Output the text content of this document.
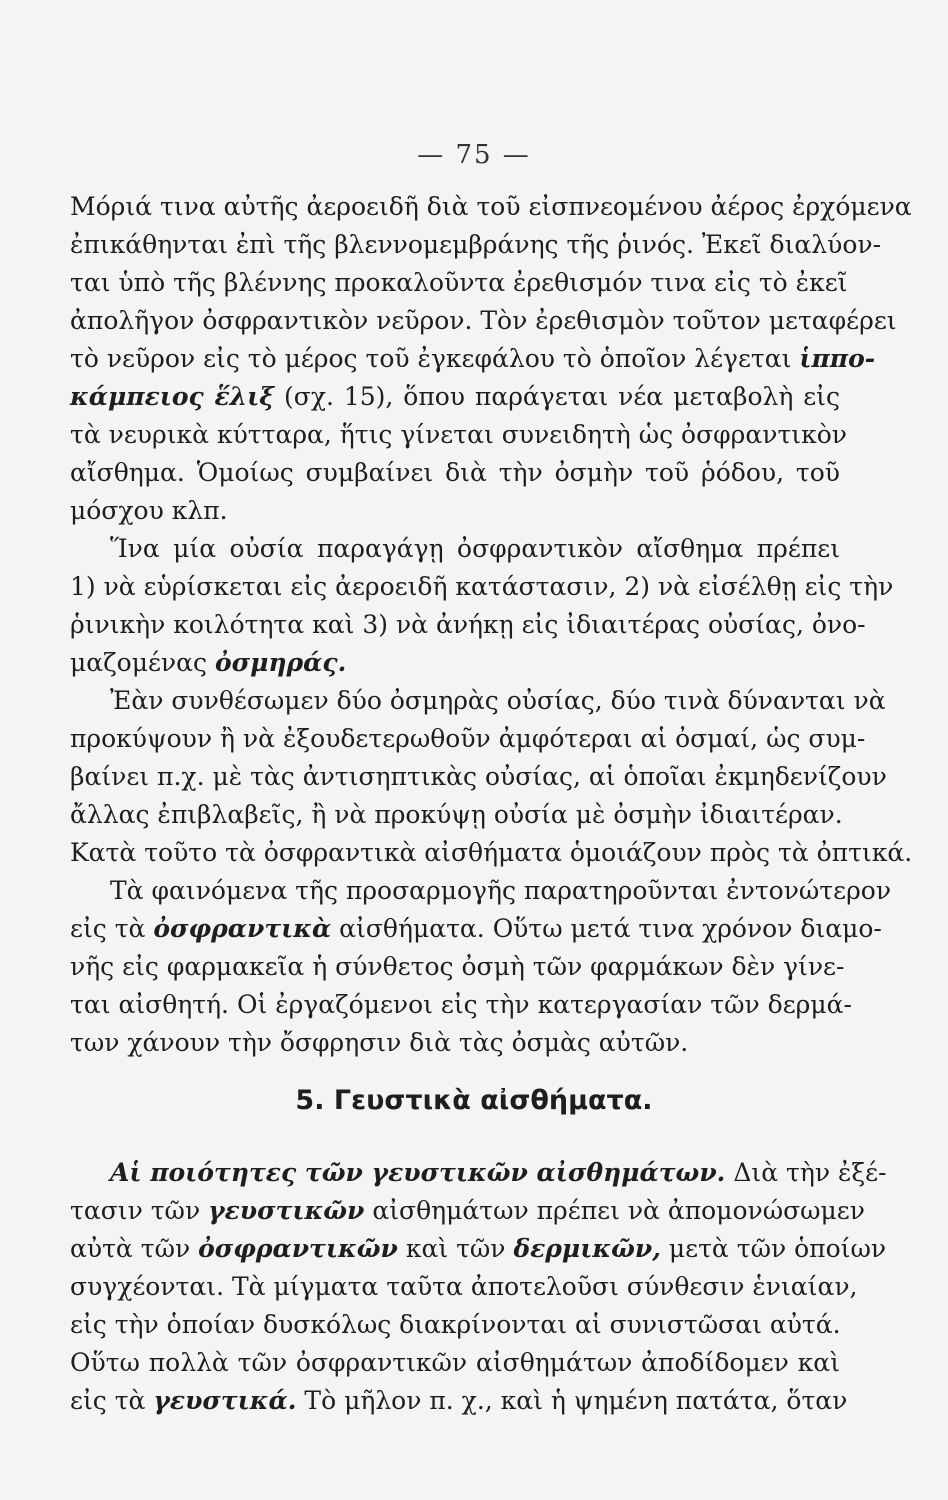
— 75 —
Μόριά τινα αὐτῆς ἀεροειδῆ διὰ τοῦ εἰσπνεομένου ἀέρος ἐρχόμενα
ἐπικάθηνται ἐπὶ τῆς βλεννομεμβράνης τῆς ῥινός. Ἐκεῖ διαλύον-
ται ὑπὸ τῆς βλέννης προκαλοῦντα ἐρεθισμόν τινα εἰς τὸ ἐκεῖ
ἀπολῆγον ὀσφραντικὸν νεῦρον. Τὸν ἐρεθισμὸν τοῦτον μεταφέρει
τὸ νεῦρον εἰς τὸ μέρος τοῦ ἐγκεφάλου τὸ ὁποῖον λέγεται ἱππο-
κάμπειος ἕλιξ (σχ. 15), ὅπου παράγεται νέα μεταβολὴ εἰς
τὰ νευρικὰ κύτταρα, ἥτις γίνεται συνειδητὴ ὡς ὀσφραντικὸν
αἴσθημα. Ὁμοίως συμβαίνει διὰ τὴν ὀσμὴν τοῦ ῥόδου, τοῦ
μόσχου κλπ.
Ἵνα μία οὐσία παραγάγῃ ὀσφραντικὸν αἴσθημα πρέπει
1) νὰ εὑρίσκεται εἰς ἀεροειδῆ κατάστασιν, 2) νὰ εἰσέλθῃ εἰς τὴν
ῥινικὴν κοιλότητα καὶ 3) νὰ ἀνήκῃ εἰς ἰδιαιτέρας οὐσίας, ὀνο-
μαζομένας ὀσμηράς.
Ἐὰν συνθέσωμεν δύο ὀσμηρὰς οὐσίας, δύο τινὰ δύνανται νὰ
προκύψουν ἢ νὰ ἐξουδετερωθοῦν ἀμφότεραι αἱ ὀσμαί, ὡς συμ-
βαίνει π.χ. μὲ τὰς ἀντισηπτικὰς οὐσίας, αἱ ὁποῖαι ἐκμηδενίζουν
ἄλλας ἐπιβλαβεῖς, ἢ νὰ προκύψῃ οὐσία μὲ ὀσμὴν ἰδιαιτέραν.
Κατὰ τοῦτο τὰ ὀσφραντικὰ αἰσθήματα ὁμοιάζουν πρὸς τὰ ὀπτικά.
Τὰ φαινόμενα τῆς προσαρμογῆς παρατηροῦνται ἐντονώτερον
εἰς τὰ ὀσφραντικὰ αἰσθήματα. Οὕτω μετά τινα χρόνον διαμο-
νῆς εἰς φαρμακεῖα ἡ σύνθετος ὀσμὴ τῶν φαρμάκων δὲν γίνε-
ται αἰσθητή. Οἱ ἐργαζόμενοι εἰς τὴν κατεργασίαν τῶν δερμά-
των χάνουν τὴν ὄσφρησιν διὰ τὰς ὀσμὰς αὐτῶν.
5. Γευστικὰ αἰσθήματα.
Αἱ ποιότητες τῶν γευστικῶν αἰσθημάτων. Διὰ τὴν ἐξέ-
τασιν τῶν γευστικῶν αἰσθημάτων πρέπει νὰ ἀπομονώσωμεν
αὐτὰ τῶν ὀσφραντικῶν καὶ τῶν δερμικῶν, μετὰ τῶν ὁποίων
συγχέονται. Τὰ μίγματα ταῦτα ἀποτελοῦσι σύνθεσιν ἑνιαίαν,
εἰς τὴν ὁποίαν δυσκόλως διακρίνονται αἱ συνιστῶσαι αὐτά.
Οὕτω πολλὰ τῶν ὀσφραντικῶν αἰσθημάτων ἀποδίδομεν καὶ
εἰς τὰ γευστικά. Τὸ μῆλον π. χ., καὶ ἡ ψημένη πατάτα, ὅταν
